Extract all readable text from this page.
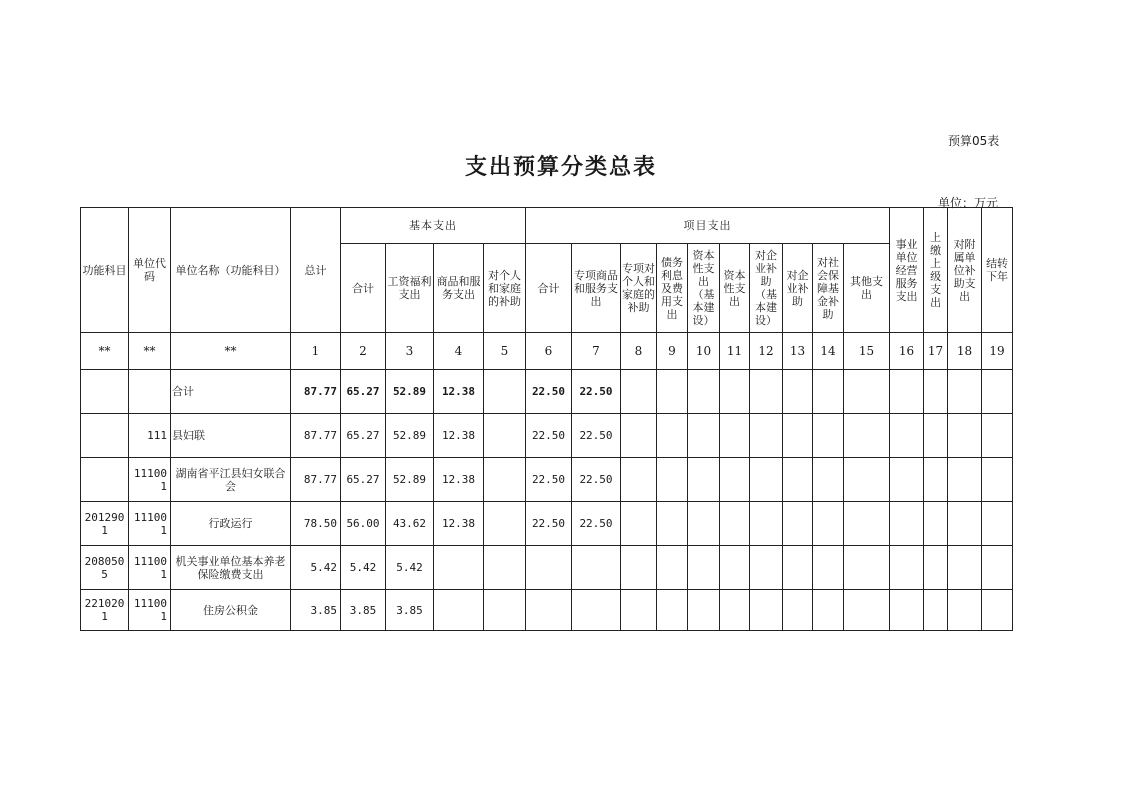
预算05表
支出预算分类总表
单位：万元
功能科目	单位代码	单位名称（功能科目）	总计	基本支出				项目支出										事业单位经营服务支出	上缴上级支出	对附属单位补助支出	结转下年
				合计	工资福利支出	商品和服务支出	对个人和家庭的补助	合计	专项商品和服务支出	专项对个人和家庭的补助	债务利息及费用支出	资本性支出（基本建设）	资本性支出	对企业补助（基本建设）	对企业补助	对社会保障基金补助	其他支出				
**	**	**	1	2	3	4	5	6	7	8	9	10	11	12	13	14	15	16	17	18	19
		合计	87.77	65.27	52.89	12.38		22.50	22.50												
	111	县妇联	87.77	65.27	52.89	12.38		22.50	22.50												
	111001	湖南省平江县妇女联合会	87.77	65.27	52.89	12.38		22.50	22.50												
2012901	111001	行政运行	78.50	56.00	43.62	12.38		22.50	22.50												
2080505	111001	机关事业单位基本养老保险缴费支出	5.42	5.42	5.42																
2210201	111001	住房公积金	3.85	3.85	3.85																
